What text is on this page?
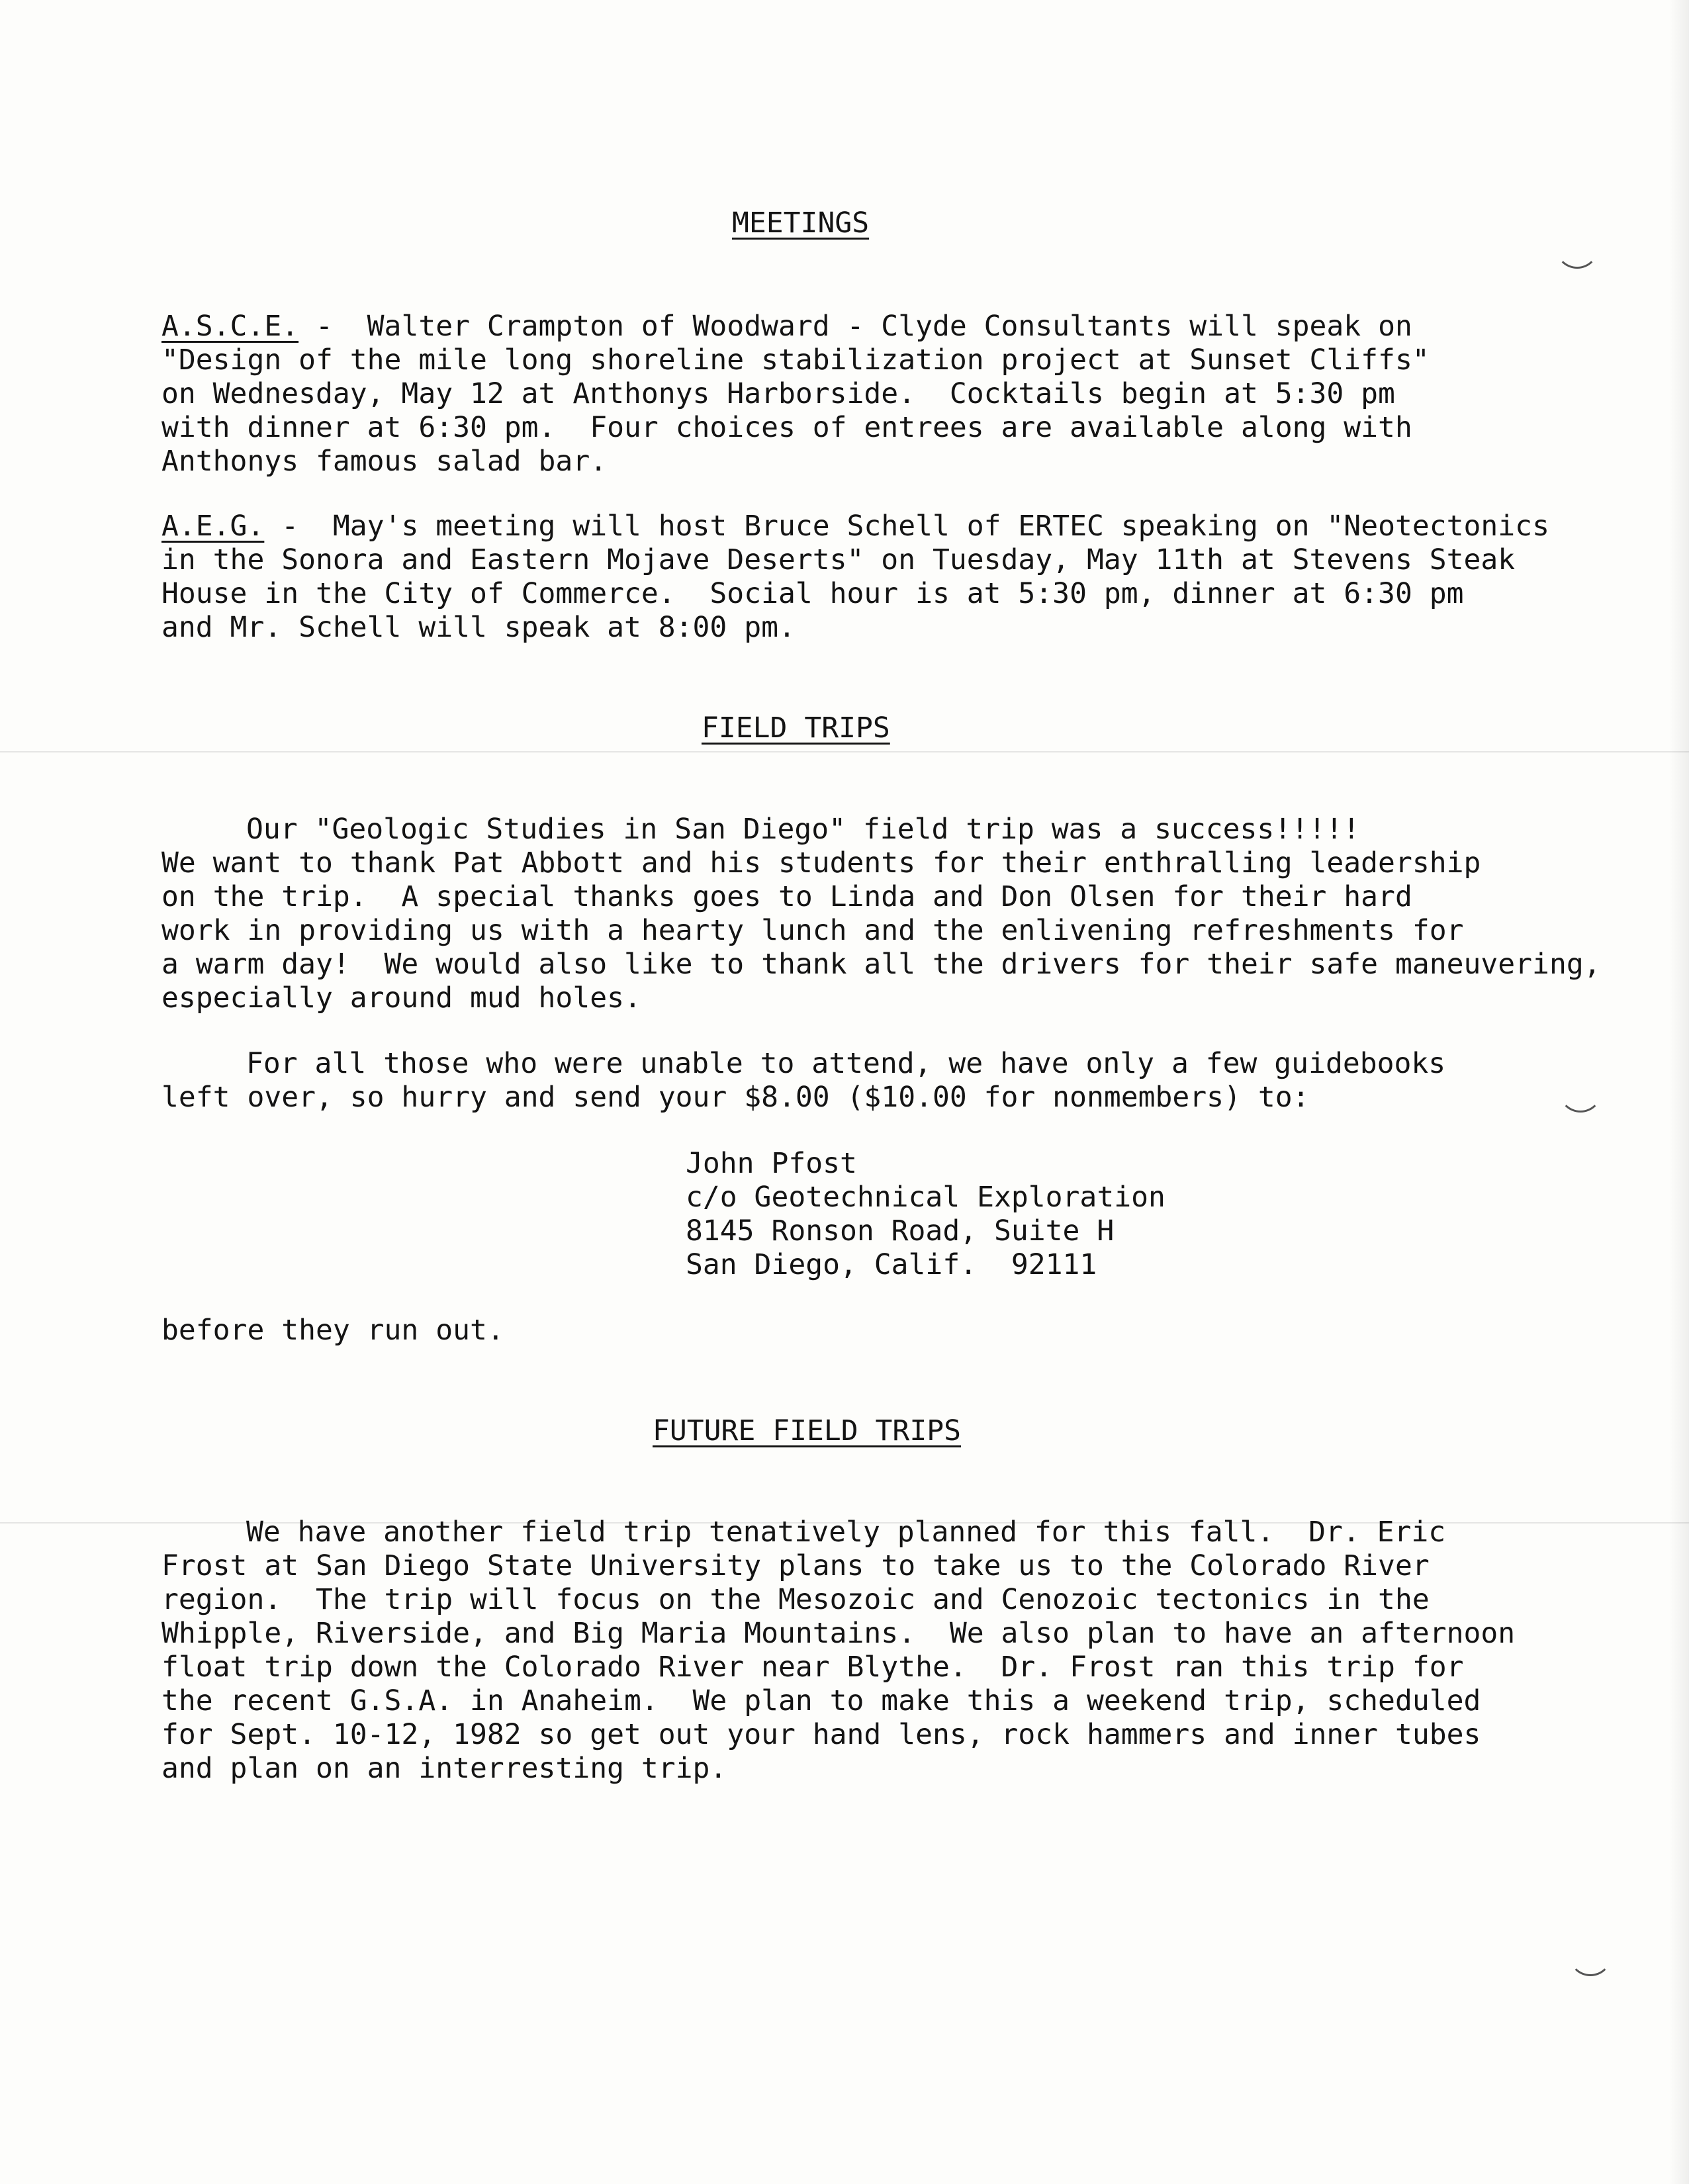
MEETINGS
A.S.C.E. -  Walter Crampton of Woodward - Clyde Consultants will speak on
"Design of the mile long shoreline stabilization project at Sunset Cliffs"
on Wednesday, May 12 at Anthonys Harborside.  Cocktails begin at 5:30 pm
with dinner at 6:30 pm.  Four choices of entrees are available along with
Anthonys famous salad bar.
A.E.G. -  May's meeting will host Bruce Schell of ERTEC speaking on "Neotectonics
in the Sonora and Eastern Mojave Deserts" on Tuesday, May 11th at Stevens Steak
House in the City of Commerce.  Social hour is at 5:30 pm, dinner at 6:30 pm
and Mr. Schell will speak at 8:00 pm.
FIELD TRIPS
Our "Geologic Studies in San Diego" field trip was a success!!!!!
We want to thank Pat Abbott and his students for their enthralling leadership
on the trip.  A special thanks goes to Linda and Don Olsen for their hard
work in providing us with a hearty lunch and the enlivening refreshments for
a warm day!  We would also like to thank all the drivers for their safe maneuvering,
especially around mud holes.
For all those who were unable to attend, we have only a few guidebooks
left over, so hurry and send your $8.00 ($10.00 for nonmembers) to:
John Pfost
c/o Geotechnical Exploration
8145 Ronson Road, Suite H
San Diego, Calif.  92111
before they run out.
FUTURE FIELD TRIPS
We have another field trip tenatively planned for this fall.  Dr. Eric
Frost at San Diego State University plans to take us to the Colorado River
region.  The trip will focus on the Mesozoic and Cenozoic tectonics in the
Whipple, Riverside, and Big Maria Mountains.  We also plan to have an afternoon
float trip down the Colorado River near Blythe.  Dr. Frost ran this trip for
the recent G.S.A. in Anaheim.  We plan to make this a weekend trip, scheduled
for Sept. 10-12, 1982 so get out your hand lens, rock hammers and inner tubes
and plan on an interresting trip.
